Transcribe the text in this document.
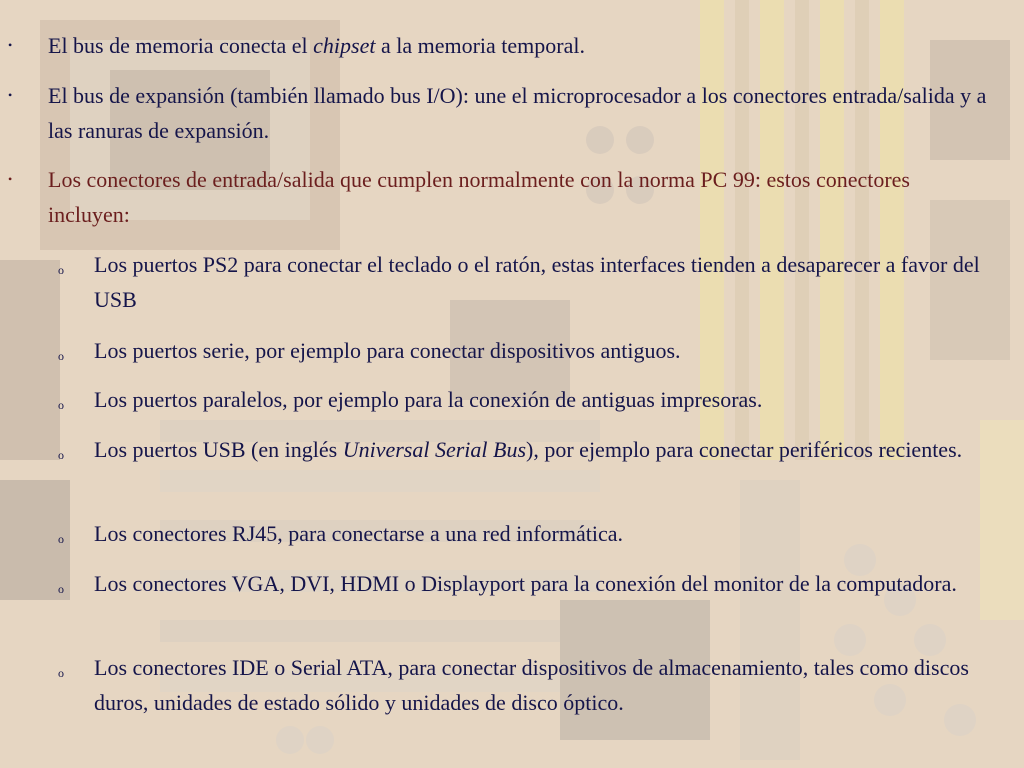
• El bus de memoria conecta el chipset a la memoria temporal.
• El bus de expansión (también llamado bus I/O): une el microprocesador a los conectores entrada/salida y a las ranuras de expansión.
• Los conectores de entrada/salida que cumplen normalmente con la norma PC 99: estos conectores incluyen:
o Los puertos PS2 para conectar el teclado o el ratón, estas interfaces tienden a desaparecer a favor del USB
o Los puertos serie, por ejemplo para conectar dispositivos antiguos.
o Los puertos paralelos, por ejemplo para la conexión de antiguas impresoras.
o Los puertos USB (en inglés Universal Serial Bus), por ejemplo para conectar periféricos recientes.
o Los conectores RJ45, para conectarse a una red informática.
o Los conectores VGA, DVI, HDMI o Displayport para la conexión del monitor de la computadora.
o Los conectores IDE o Serial ATA, para conectar dispositivos de almacenamiento, tales como discos duros, unidades de estado sólido y unidades de disco óptico.
